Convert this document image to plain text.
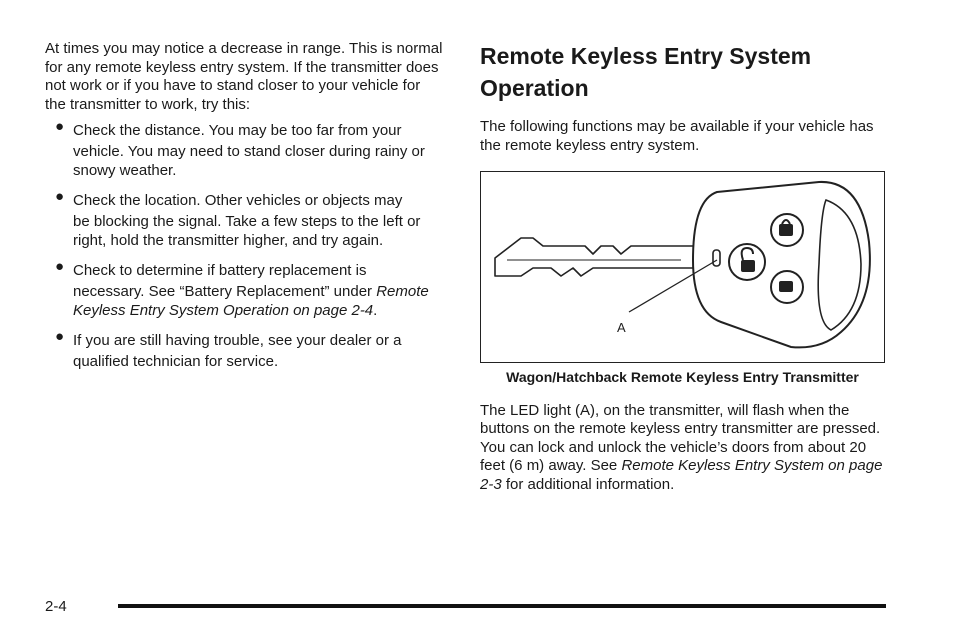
At times you may notice a decrease in range. This is normal for any remote keyless entry system. If the transmitter does not work or if you have to stand closer to your vehicle for the transmitter to work, try this:

● Check the distance. You may be too far from your
vehicle. You may need to stand closer during rainy or snowy weather.
● Check the location. Other vehicles or objects may
be blocking the signal. Take a few steps to the left or right, hold the transmitter higher, and try again.
● Check to determine if battery replacement is
necessary. See “Battery Replacement” under Remote Keyless Entry System Operation on page 2-4.
● If you are still having trouble, see your dealer or a
qualified technician for service.
Remote Keyless Entry System Operation

The following functions may be available if your vehicle has the remote keyless entry system.

A
Wagon/Hatchback Remote Keyless Entry Transmitter

The LED light (A), on the transmitter, will flash when the buttons on the remote keyless entry transmitter are pressed. You can lock and unlock the vehicle’s doors from about 20 feet (6 m) away. See Remote Keyless Entry System on page 2-3 for additional information.

2-4
